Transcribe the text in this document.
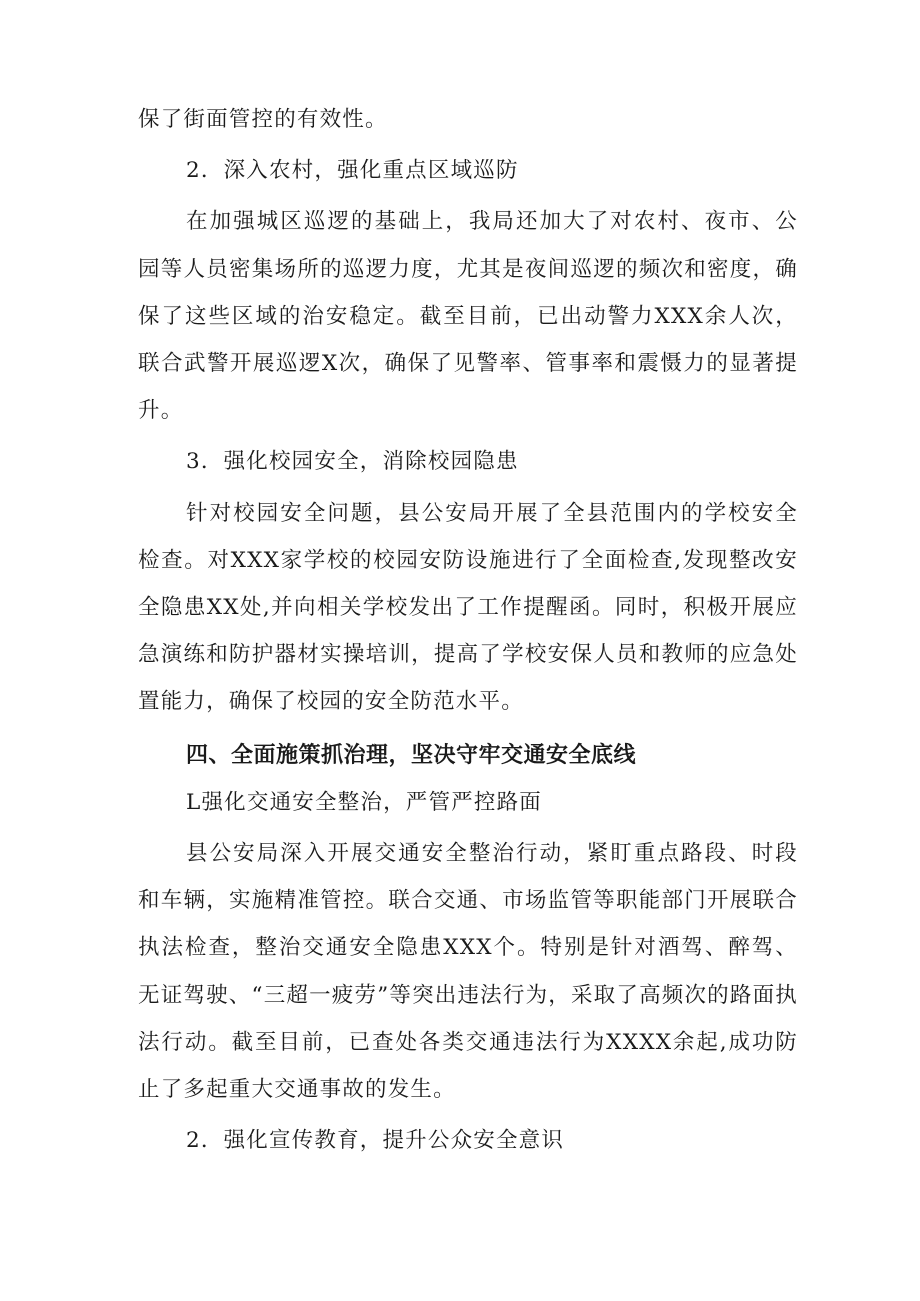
保了街面管控的有效性。

2．深入农村，强化重点区域巡防

在加强城区巡逻的基础上，我局还加大了对农村、夜市、公园等人员密集场所的巡逻力度，尤其是夜间巡逻的频次和密度，确保了这些区域的治安稳定。截至目前，已出动警力XXX余人次，联合武警开展巡逻X次，确保了见警率、管事率和震慑力的显著提升。

3．强化校园安全，消除校园隐患

针对校园安全问题，县公安局开展了全县范围内的学校安全检查。对XXX家学校的校园安防设施进行了全面检查,发现整改安全隐患XX处,并向相关学校发出了工作提醒函。同时，积极开展应急演练和防护器材实操培训，提高了学校安保人员和教师的应急处置能力，确保了校园的安全防范水平。

四、全面施策抓治理，坚决守牢交通安全底线

L强化交通安全整治，严管严控路面

县公安局深入开展交通安全整治行动，紧盯重点路段、时段和车辆，实施精准管控。联合交通、市场监管等职能部门开展联合执法检查，整治交通安全隐患XXX个。特别是针对酒驾、醉驾、无证驾驶、“三超一疲劳”等突出违法行为，采取了高频次的路面执法行动。截至目前，已查处各类交通违法行为XXXX余起,成功防止了多起重大交通事故的发生。

2．强化宣传教育，提升公众安全意识
